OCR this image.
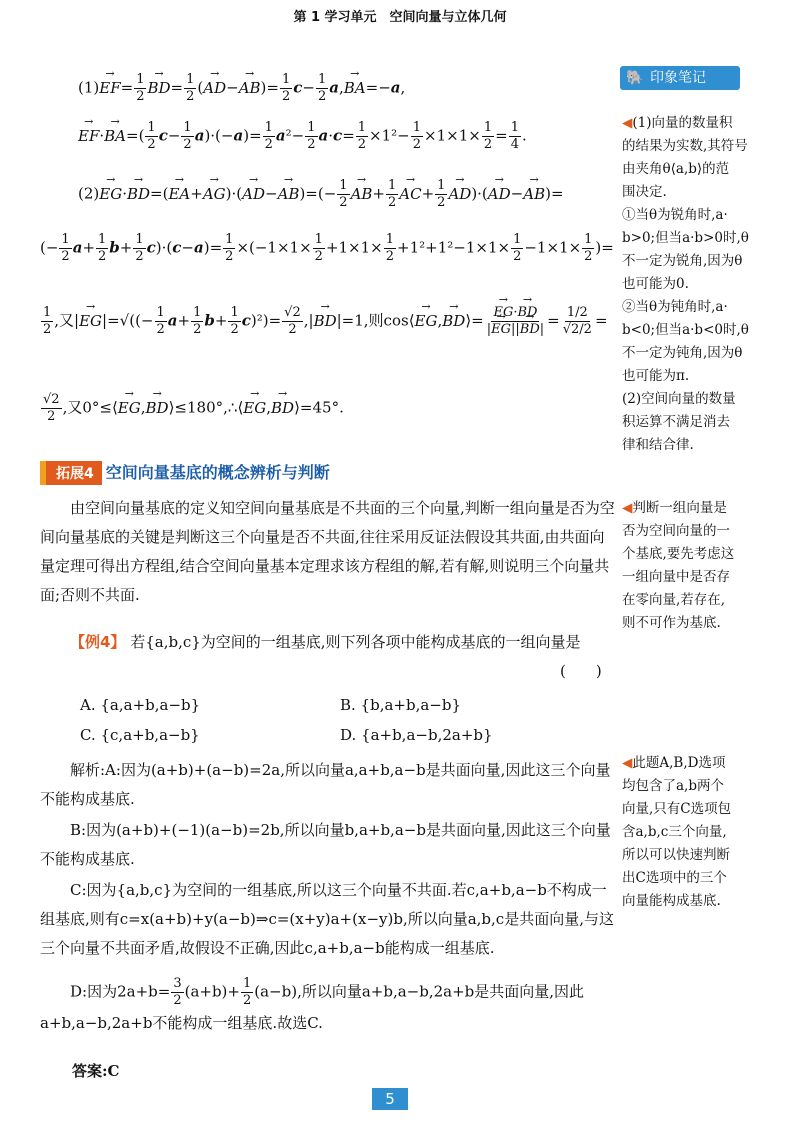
第 1 学习单元　空间向量与立体几何
🐘 印象笔记
$(1)\to EF= \frac{1}{2}$
→ $BD= \frac{1}{2}$ (→ $AD-\to AB)= \frac{1}{2} c- \frac{1}{2} a,\to BA=-a$,
→ $EF\cdot\to BA=( \frac{1}{2} c- \frac{1}{2} a)\cdot(-a)= \frac{1}{2} a^2- \frac{1}{2} a\cdot c= \frac{1}{2} \times 1^2- \frac{1}{2} \times 1\times 1\times \frac{1}{2} = \frac{1}{4}$ .
$(2)\to EG\cdot\to BD=(\to EA+\to AG)\cdot(\to AD-\to AB)=(- \frac{1}{2}$
→ $AB+ \frac{1}{2}$
→ $AC+ \frac{1}{2}$
→ AD)·(→ AD−→ AB)=
(− $\frac{1}{2} a+ \frac{1}{2} b+ \frac{1}{2} c)\cdot(c-a)= \frac{1}{2} \times(-1\times 1\times \frac{1}{2} +1\times 1\times \frac{1}{2} +1^2+1^2-1\times 1\times \frac{1}{2} -1\times 1\times \frac{1}{2}$ )=
$\frac{1}{2}$ ,又|→ $EG|=√((- \frac{1}{2} a+ \frac{1}{2} b+ \frac{1}{2} c)^2)= \frac{√2}{2}$ ,|→ BD|=1,则cos⟨→ EG,→ BD⟩=
→ $\frac{EG\cdot\to BD}{|\to EG||\to BD|} = \frac{1/2}{√2/2}$ =
$\frac{√2}{2}$ ,又0°≤⟨→ EG,→ BD⟩≤180°,∴⟨→ EG,→ BD⟩=45°.
◀(1)向量的数量积
的结果为实数,其符号
由夹角θ⟨a,b⟩的范
围决定.
①当θ为锐角时,a·
b>0;但当a·b>0时,θ
不一定为锐角,因为θ
也可能为0.
②当θ为钝角时,a·
b<0;但当a·b<0时,θ
不一定为钝角,因为θ
也可能为π.
(2)空间向量的数量
积运算不满足消去
律和结合律.
拓展4 空间向量基底的概念辨析与判断
由空间向量基底的定义知空间向量基底是不共面的三个向量,判断一组向量是否为空间向量基底的关键是判断这三个向量是否不共面,往往采用反证法假设其共面,由共面向量定理可得出方程组,结合空间向量基本定理求该方程组的解,若有解,则说明三个向量共面;否则不共面.
◀判断一组向量是
否为空间向量的一
个基底,要先考虑这
一组向量中是否存
在零向量,若存在,
则不可作为基底.
【例4】 若{a,b,c}为空间的一组基底,则下列各项中能构成基底的一组向量是
(　　)
A. {a,a+b,a−b}	B. {b,a+b,a−b}
C. {c,a+b,a−b}	D. {a+b,a−b,2a+b}
解析:A:因为(a+b)+(a−b)=2a,所以向量a,a+b,a−b是共面向量,因此这三个向量不能构成基底.
B:因为(a+b)+(−1)(a−b)=2b,所以向量b,a+b,a−b是共面向量,因此这三个向量不能构成基底.
C:因为{a,b,c}为空间的一组基底,所以这三个向量不共面.若c,a+b,a−b不构成一组基底,则有c=x(a+b)+y(a−b)⇒c=(x+y)a+(x−y)b,所以向量a,b,c是共面向量,与这三个向量不共面矛盾,故假设不正确,因此c,a+b,a−b能构成一组基底.
D:因为$2a+b= \frac{3}{2} (a+b)+ \frac{1}{2} (a-b)$,所以向量a+b,a−b,2a+b是共面向量,因此a+b,a−b,2a+b不能构成一组基底.故选C.
答案:C
◀此题A,B,D选项
均包含了a,b两个
向量,只有C选项包
含a,b,c三个向量,
所以可以快速判断
出C选项中的三个
向量能构成基底.
5
